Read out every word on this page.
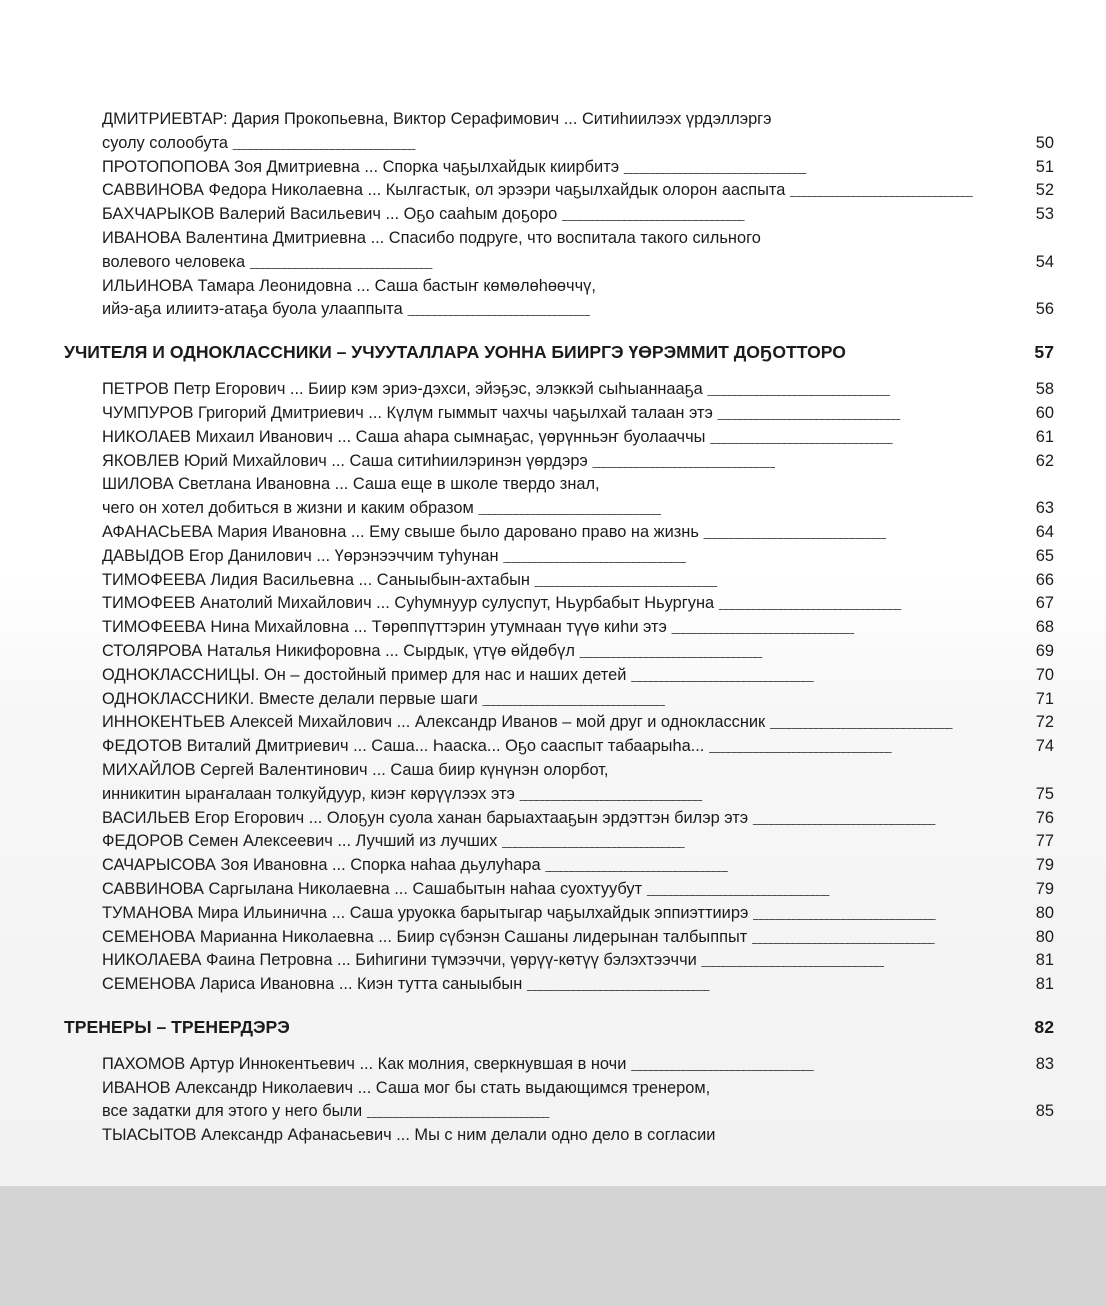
ДМИТРИЕВТАР: Дария Прокопьевна, Виктор Серафимович ... Ситиhиилээх үрдэллэргэ
суолу солообута . . .	50
ПРОТОПОПОВА Зоя Дмитриевна ... Спорка чаҕылхайдык киирбитэ . . .	51
САВВИНОВА Федора Николаевна ... Кылгастык, ол эрээри чаҕылхайдык олорон ааспыта . . .	52
БАХЧАРЫКОВ Валерий Васильевич ... Оҕо сааhым доҕоро . . .	53
ИВАНОВА Валентина Дмитриевна ... Спасибо подруге, что воспитала такого сильного
волевого человека . . .	54
ИЛЬИНОВА Тамара Леонидовна ... Саша бастыҥ көмөлөhөөччү,
ийэ-аҕа илиитэ-атаҕа буола улааппыта . . .	56
УЧИТЕЛЯ И ОДНОКЛАССНИКИ – УЧУУТАЛЛАРА УОННА БИИРГЭ ҮӨРЭММИТ ДОҔОТТОРО . . .	57
ПЕТРОВ Петр Егорович ... Биир кэм эриэ-дэхси, эйэҕэс, элэккэй сыhыаннааҕа . . .	58
ЧУМПУРОВ Григорий Дмитриевич ... Күлүм гыммыт чахчы чаҕылхай талаан этэ . . .	60
НИКОЛАЕВ Михаил Иванович ... Саша аhара сымнаҕас, үөрүнньэҥ буолааччы . . .	61
ЯКОВЛЕВ Юрий Михайлович ... Саша ситиhиилэринэн үөрдэрэ . . .	62
ШИЛОВА Светлана Ивановна ... Саша еще в школе твердо знал,
чего он хотел добиться в жизни и каким образом . . .	63
АФАНАСЬЕВА Мария Ивановна ... Ему свыше было даровано право на жизнь . . .	64
ДАВЫДОВ Егор Данилович ... Үөрэнээччим туhунан . . .	65
ТИМОФЕЕВА Лидия Васильевна ... Саныыбын-ахтабын . . .	66
ТИМОФЕЕВ Анатолий Михайлович ... Суhумнуур сулуспут, Ньурбабыт Ньургуна . . .	67
ТИМОФЕЕВА Нина Михайловна ... Төрөппүттэрин утумнаан түүө киhи этэ . . .	68
СТОЛЯРОВА Наталья Никифоровна ... Сырдык, үтүө өйдөбүл . . .	69
ОДНОКЛАССНИЦЫ. Он – достойный пример для нас и наших детей . . .	70
ОДНОКЛАССНИКИ. Вместе делали первые шаги . . .	71
ИННОКЕНТЬЕВ Алексей Михайлович ... Александр Иванов – мой друг и одноклассник . . .	72
ФЕДОТОВ Виталий Дмитриевич ... Саша... Һааска... Оҕо сааспыт табаарыhа... . . .	74
МИХАЙЛОВ Сергей Валентинович ... Саша биир күнүнэн олорбот,
инникитин ыраҥалаан толкуйдуур, киэҥ көрүүлээх этэ . . .	75
ВАСИЛЬЕВ Егор Егорович ... Олоҕун суола ханан барыахтааҕын эрдэттэн билэр этэ . . .	76
ФЕДОРОВ Семен Алексеевич ... Лучший из лучших . . .	77
САЧАРЫСОВА Зоя Ивановна ... Спорка наhаа дьулуhара . . .	79
САВВИНОВА Саргылана Николаевна ... Сашабытын наhаа суохтуубут . . .	79
ТУМАНОВА Мира Ильинична ... Саша уруокка барытыгар чаҕылхайдык эппиэттиирэ . . .	80
СЕМЕНОВА Марианна Николаевна ... Биир сүбэнэн Сашаны лидерынан талбыппыт . . .	80
НИКОЛАЕВА Фаина Петровна ... Биhигини түмээччи, үөрүү-көтүү бэлэхтээччи . . .	81
СЕМЕНОВА Лариса Ивановна ... Киэн тутта саныыбын . . .	81
ТРЕНЕРЫ – ТРЕНЕРДЭРЭ . . .	82
ПАХОМОВ Артур Иннокентьевич ... Как молния, сверкнувшая в ночи . . .	83
ИВАНОВ Александр Николаевич ... Саша мог бы стать выдающимся тренером,
все задатки для этого у него были . . .	85
ТЫАСЫТОВ Александр Афанасьевич ... Мы с ним делали одно дело в согласии
